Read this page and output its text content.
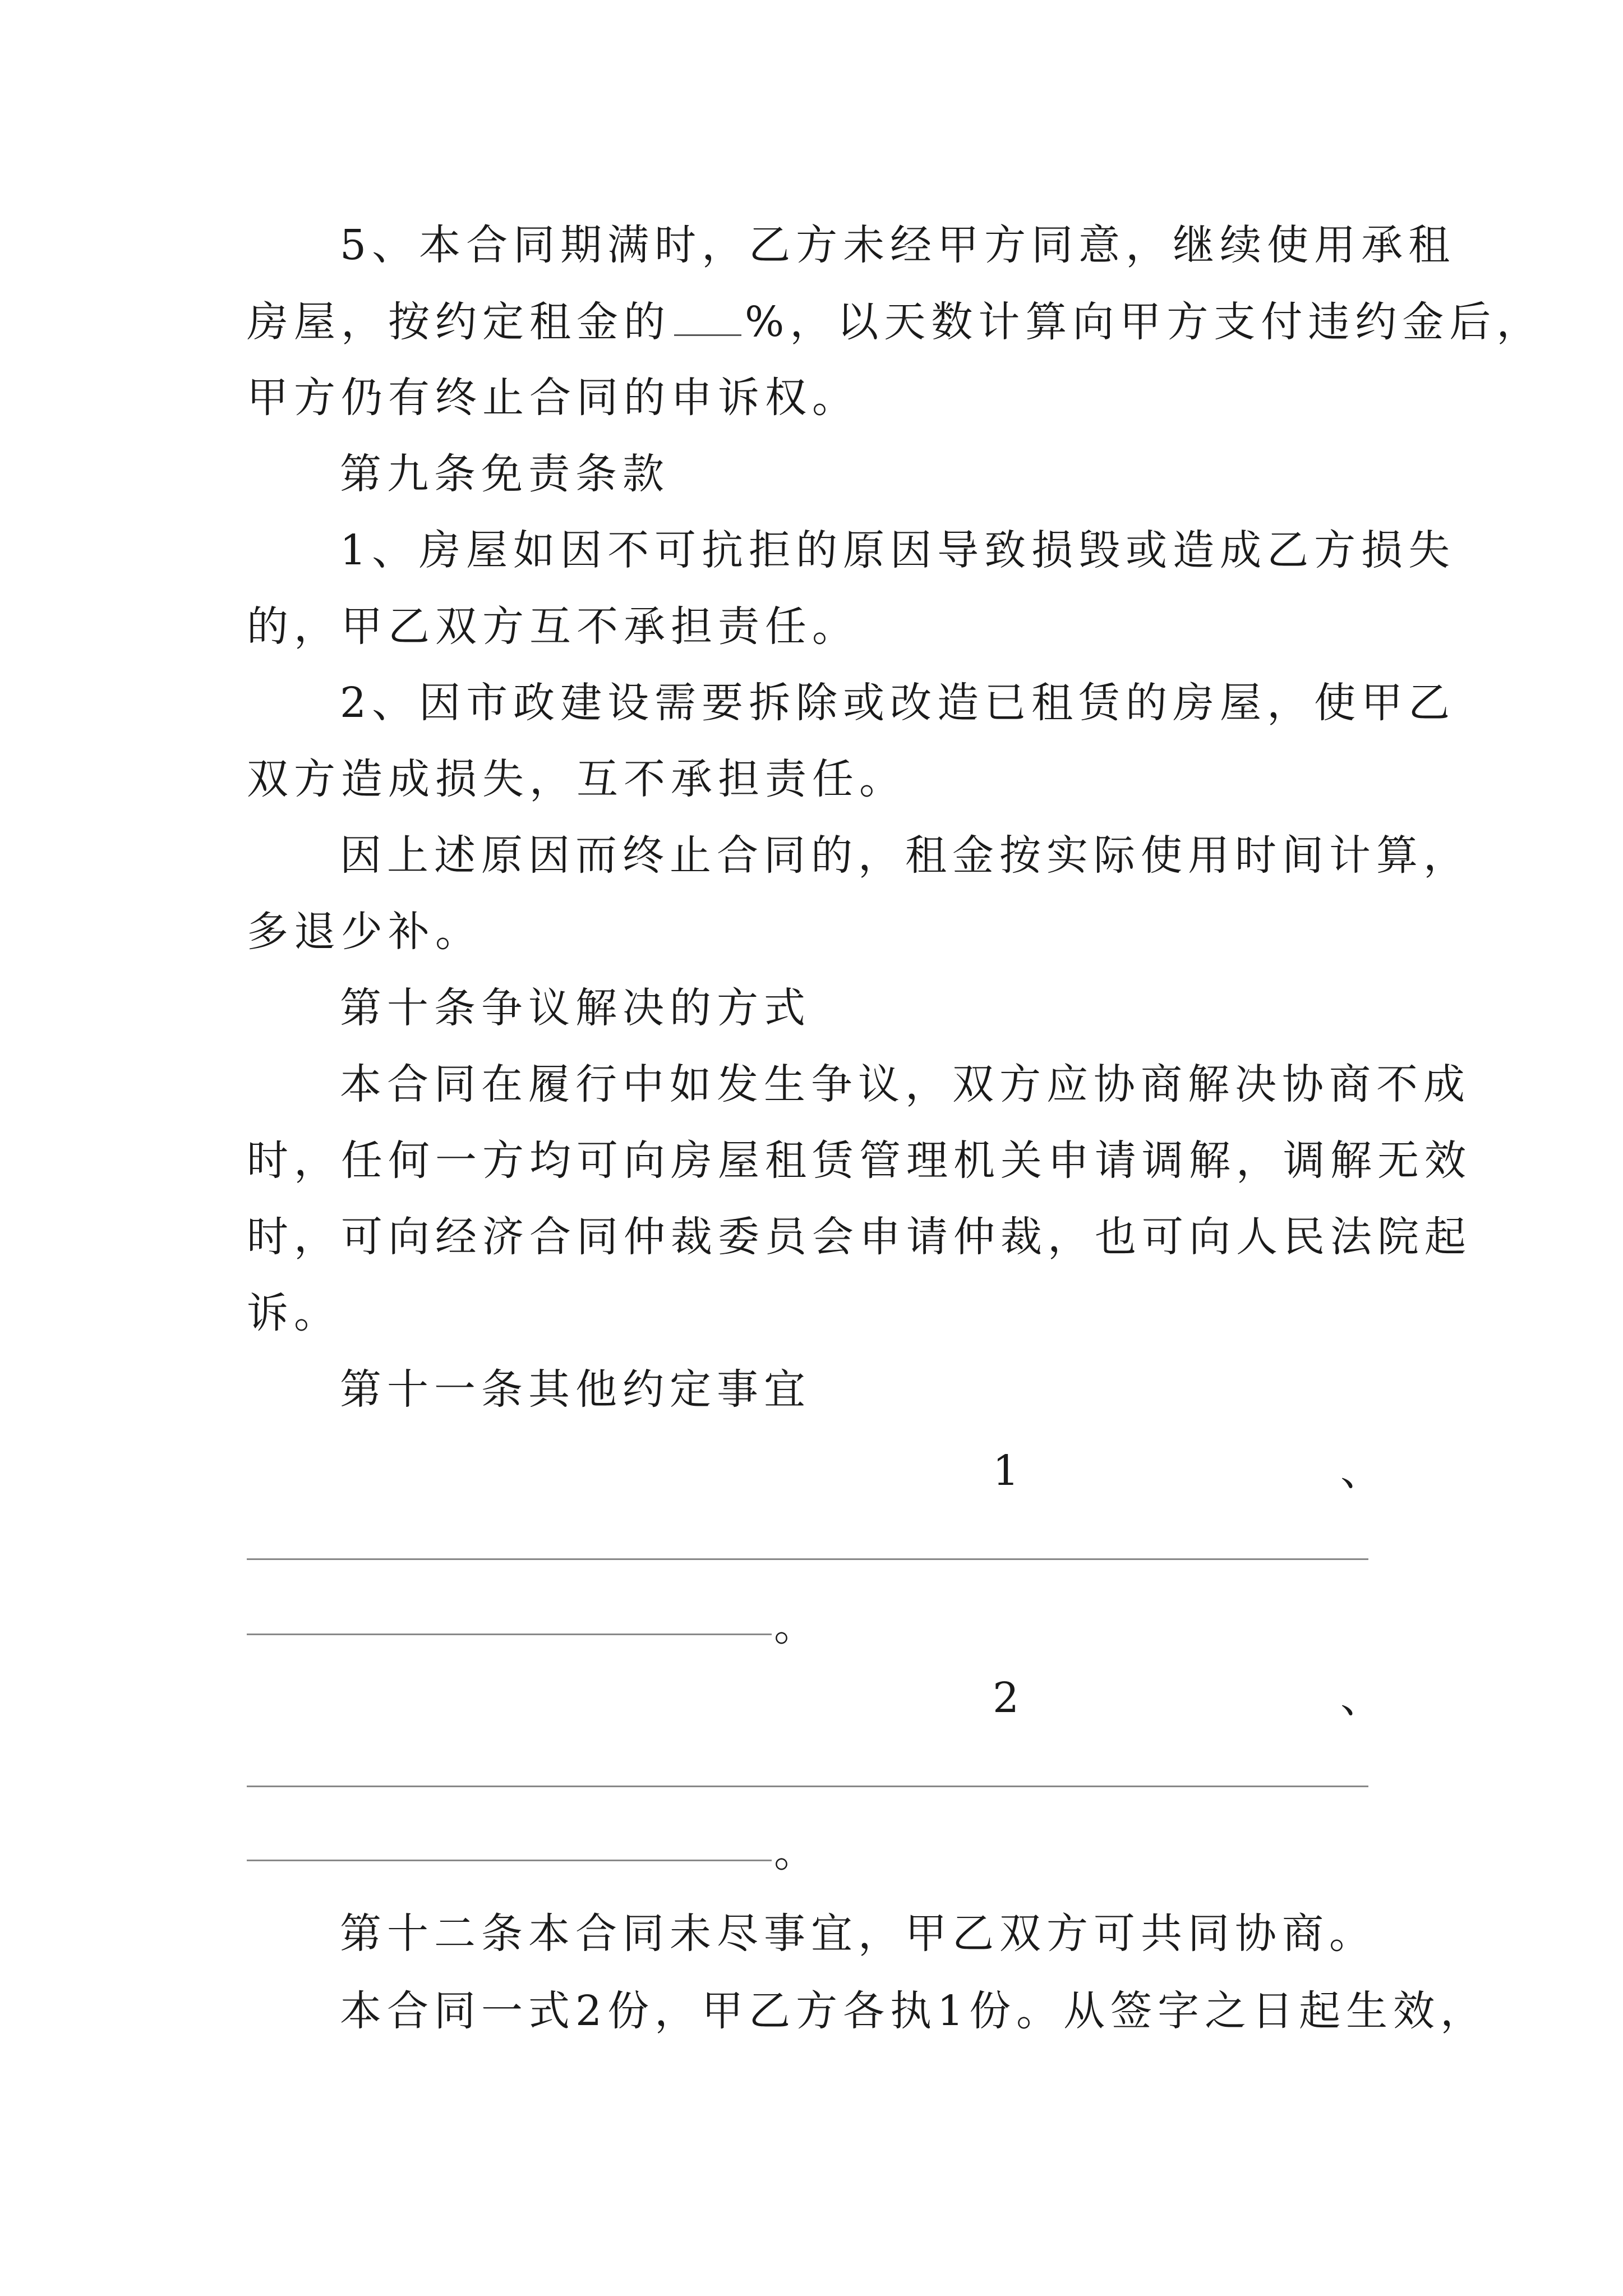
5、本合同期满时，乙方未经甲方同意，继续使用承租
房屋，按约定租金的 %，以天数计算向甲方支付违约金后，
甲方仍有终止合同的申诉权。
第九条免责条款
1、房屋如因不可抗拒的原因导致损毁或造成乙方损失
的，甲乙双方互不承担责任。
2、因市政建设需要拆除或改造已租赁的房屋，使甲乙
双方造成损失，互不承担责任。
因上述原因而终止合同的，租金按实际使用时间计算，
多退少补。
第十条争议解决的方式
本合同在履行中如发生争议，双方应协商解决协商不成
时，任何一方均可向房屋租赁管理机关申请调解，调解无效
时，可向经济合同仲裁委员会申请仲裁，也可向人民法院起
诉。
第十一条其他约定事宜
1	、
。
2	、
。
第十二条本合同未尽事宜，甲乙双方可共同协商。
本合同一式2份，甲乙方各执1份。从签字之日起生效，
